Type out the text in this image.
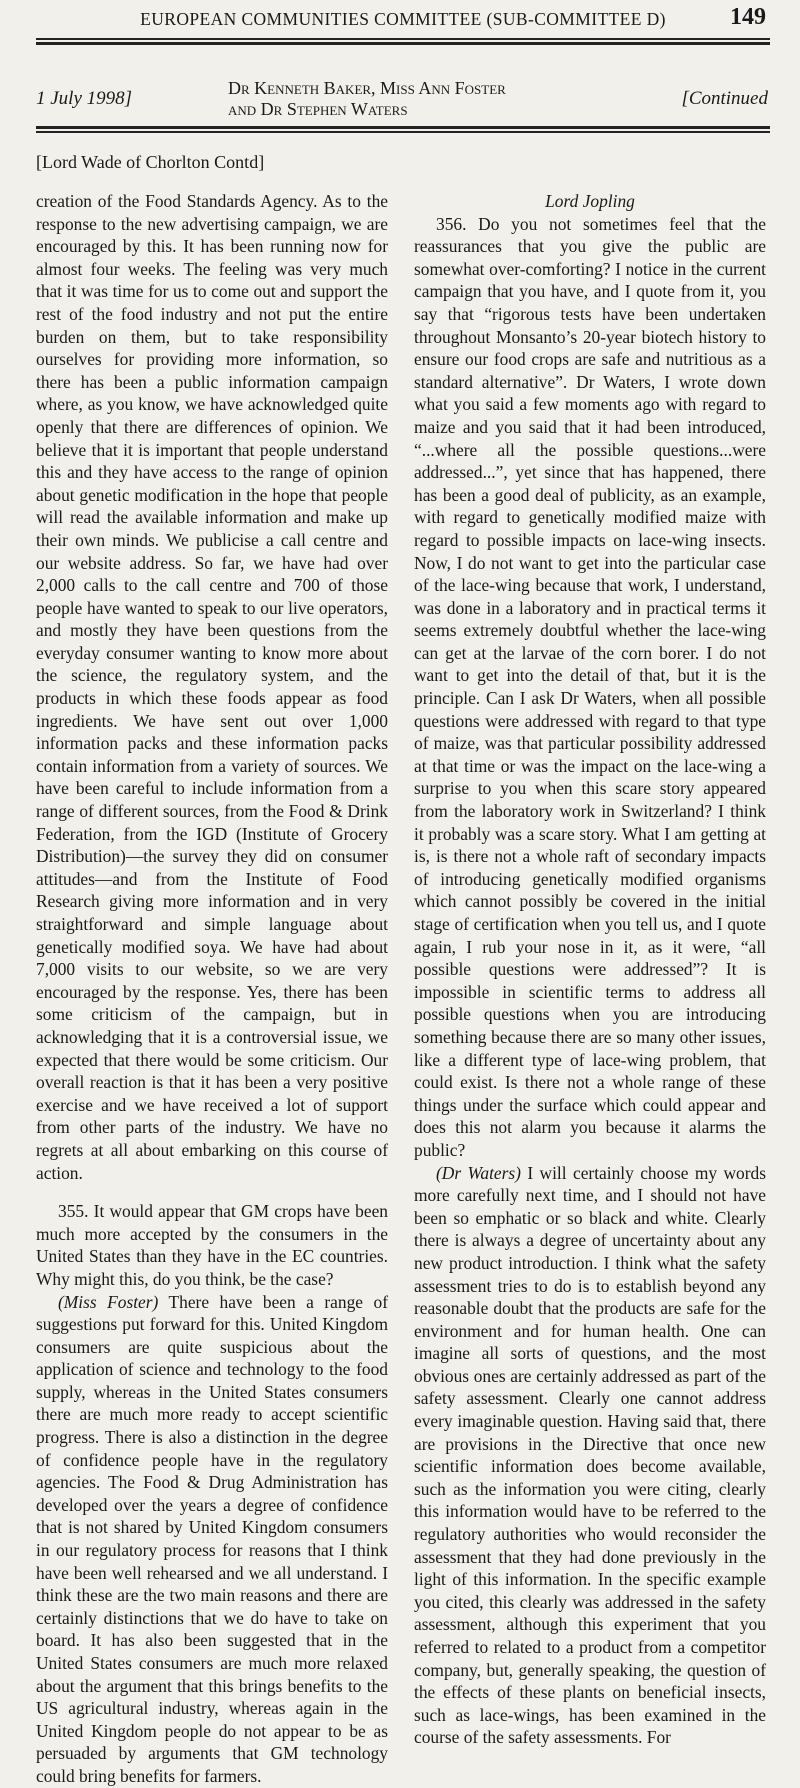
EUROPEAN COMMUNITIES COMMITTEE (SUB-COMMITTEE D)	149
1 July 1998]	Dr Kenneth Baker, Miss Ann Foster
and Dr Stephen Waters	[Continued
[Lord Wade of Chorlton Contd]

creation of the Food Standards Agency. As to the response to the new advertising campaign, we are encouraged by this. It has been running now for almost four weeks. The feeling was very much that it was time for us to come out and support the rest of the food industry and not put the entire burden on them, but to take responsibility ourselves for providing more information, so there has been a public information campaign where, as you know, we have acknowledged quite openly that there are differences of opinion. We believe that it is important that people understand this and they have access to the range of opinion about genetic modification in the hope that people will read the available information and make up their own minds. We publicise a call centre and our website address. So far, we have had over 2,000 calls to the call centre and 700 of those people have wanted to speak to our live operators, and mostly they have been questions from the everyday consumer wanting to know more about the science, the regulatory system, and the products in which these foods appear as food ingredients. We have sent out over 1,000 information packs and these information packs contain information from a variety of sources. We have been careful to include information from a range of different sources, from the Food & Drink Federation, from the IGD (Institute of Grocery Distribution)—the survey they did on consumer attitudes—and from the Institute of Food Research giving more information and in very straightforward and simple language about genetically modified soya. We have had about 7,000 visits to our website, so we are very encouraged by the response. Yes, there has been some criticism of the campaign, but in acknowledging that it is a controversial issue, we expected that there would be some criticism. Our overall reaction is that it has been a very positive exercise and we have received a lot of support from other parts of the industry. We have no regrets at all about embarking on this course of action.

355. It would appear that GM crops have been much more accepted by the consumers in the United States than they have in the EC countries. Why might this, do you think, be the case?

(Miss Foster) There have been a range of suggestions put forward for this. United Kingdom consumers are quite suspicious about the application of science and technology to the food supply, whereas in the United States consumers there are much more ready to accept scientific progress. There is also a distinction in the degree of confidence people have in the regulatory agencies. The Food & Drug Administration has developed over the years a degree of confidence that is not shared by United Kingdom consumers in our regulatory process for reasons that I think have been well rehearsed and we all understand. I think these are the two main reasons and there are certainly distinctions that we do have to take on board. It has also been suggested that in the United States consumers are much more relaxed about the argument that this brings benefits to the US agricultural industry, whereas again in the United Kingdom people do not appear to be as persuaded by arguments that GM technology could bring benefits for farmers.

Lord Jopling

356. Do you not sometimes feel that the reassurances that you give the public are somewhat over-comforting? I notice in the current campaign that you have, and I quote from it, you say that “rigorous tests have been undertaken throughout Monsanto’s 20-year biotech history to ensure our food crops are safe and nutritious as a standard alternative”. Dr Waters, I wrote down what you said a few moments ago with regard to maize and you said that it had been introduced, “...where all the possible questions...were addressed...”, yet since that has happened, there has been a good deal of publicity, as an example, with regard to genetically modified maize with regard to possible impacts on lace-wing insects. Now, I do not want to get into the particular case of the lace-wing because that work, I understand, was done in a laboratory and in practical terms it seems extremely doubtful whether the lace-wing can get at the larvae of the corn borer. I do not want to get into the detail of that, but it is the principle. Can I ask Dr Waters, when all possible questions were addressed with regard to that type of maize, was that particular possibility addressed at that time or was the impact on the lace-wing a surprise to you when this scare story appeared from the laboratory work in Switzerland? I think it probably was a scare story. What I am getting at is, is there not a whole raft of secondary impacts of introducing genetically modified organisms which cannot possibly be covered in the initial stage of certification when you tell us, and I quote again, I rub your nose in it, as it were, “all possible questions were addressed”? It is impossible in scientific terms to address all possible questions when you are introducing something because there are so many other issues, like a different type of lace-wing problem, that could exist. Is there not a whole range of these things under the surface which could appear and does this not alarm you because it alarms the public?

(Dr Waters) I will certainly choose my words more carefully next time, and I should not have been so emphatic or so black and white. Clearly there is always a degree of uncertainty about any new product introduction. I think what the safety assessment tries to do is to establish beyond any reasonable doubt that the products are safe for the environment and for human health. One can imagine all sorts of questions, and the most obvious ones are certainly addressed as part of the safety assessment. Clearly one cannot address every imaginable question. Having said that, there are provisions in the Directive that once new scientific information does become available, such as the information you were citing, clearly this information would have to be referred to the regulatory authorities who would reconsider the assessment that they had done previously in the light of this information. In the specific example you cited, this clearly was addressed in the safety assessment, although this experiment that you referred to related to a product from a competitor company, but, generally speaking, the question of the effects of these plants on beneficial insects, such as lace-wings, has been examined in the course of the safety assessments. For
